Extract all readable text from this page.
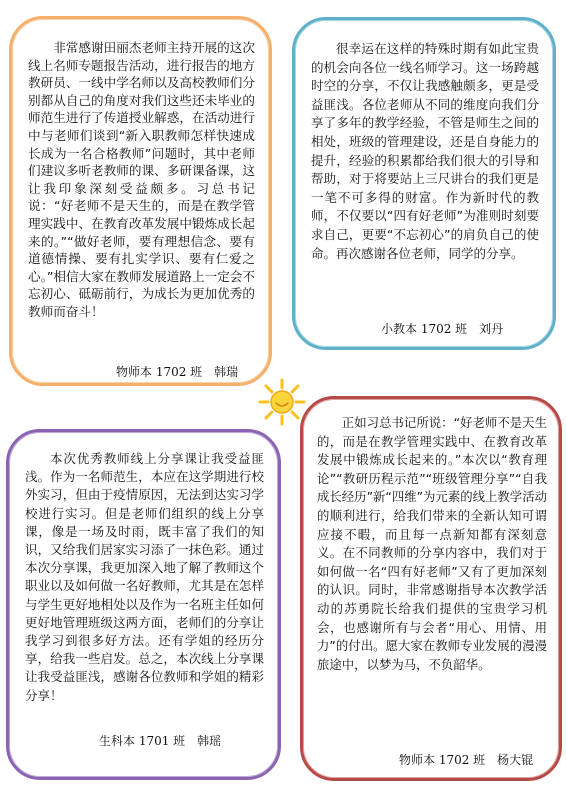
非常感谢田丽杰老师主持开展的这次线上名师专题报告活动，进行报告的地方教研员、一线中学名师以及高校教师们分别都从自己的角度对我们这些还未毕业的师范生进行了传道授业解惑，在活动进行中与老师们谈到“新入职教师怎样快速成长成为一名合格教师”问题时，其中老师们建议多听老教师的课、多研课备课，这让我印象深刻受益颇多。习总书记说：“好老师不是天生的，而是在教学管理实践中、在教育改革发展中锻炼成长起来的。”“做好老师，要有理想信念、要有道德情操、要有扎实学识、要有仁爱之心。”相信大家在教师发展道路上一定会不忘初心、砥砺前行，为成长为更加优秀的教师而奋斗！

物师本 1702 班　韩瑞

很幸运在这样的特殊时期有如此宝贵的机会向各位一线名师学习。这一场跨越时空的分享，不仅让我感触颇多，更是受益匪浅。各位老师从不同的维度向我们分享了多年的教学经验，不管是师生之间的相处，班级的管理建设，还是自身能力的提升，经验的积累都给我们很大的引导和帮助，对于将要站上三尺讲台的我们更是一笔不可多得的财富。作为新时代的教师，不仅要以“四有好老师”为准则时刻要求自己，更要“不忘初心”的肩负自己的使命。再次感谢各位老师，同学的分享。

小教本 1702 班　刘丹

本次优秀教师线上分享课让我受益匪浅。作为一名师范生，本应在这学期进行校外实习，但由于疫情原因，无法到达实习学校进行实习。但是老师们组织的线上分享课，像是一场及时雨，既丰富了我们的知识，又给我们居家实习添了一抹色彩。通过本次分享课，我更加深入地了解了教师这个职业以及如何做一名好教师，尤其是在怎样与学生更好地相处以及作为一名班主任如何更好地管理班级这两方面，老师们的分享让我学习到很多好方法。还有学姐的经历分享，给我一些启发。总之，本次线上分享课让我受益匪浅，感谢各位教师和学姐的精彩分享！

生科本 1701 班　韩瑶

正如习总书记所说：“好老师不是天生的，而是在教学管理实践中、在教育改革发展中锻炼成长起来的。”本次以“教育理论”“教研历程示范”“班级管理分享”“自我成长经历”新“四维”为元素的线上教学活动的顺利进行，给我们带来的全新认知可谓应接不暇，而且每一点新知都有深刻意义。在不同教师的分享内容中，我们对于如何做一名“四有好老师”又有了更加深刻的认识。同时，非常感谢指导本次教学活动的苏勇院长给我们提供的宝贵学习机会，也感谢所有与会者“用心、用情、用力”的付出。愿大家在教师专业发展的漫漫旅途中，以梦为马，不负韶华。

物师本 1702 班　杨大锟
